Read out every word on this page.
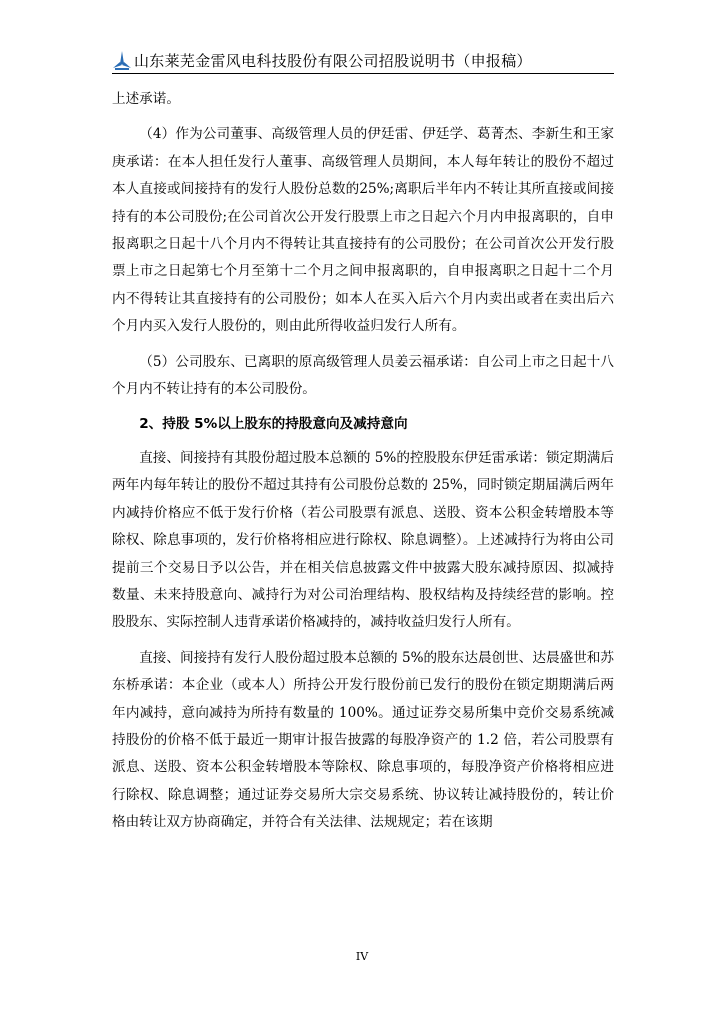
山东莱芜金雷风电科技股份有限公司招股说明书（申报稿）

上述承诺。

（4）作为公司董事、高级管理人员的伊廷雷、伊廷学、葛菁杰、李新生和王家庚承诺：在本人担任发行人董事、高级管理人员期间，本人每年转让的股份不超过本人直接或间接持有的发行人股份总数的25%;离职后半年内不转让其所直接或间接持有的本公司股份;在公司首次公开发行股票上市之日起六个月内申报离职的，自申报离职之日起十八个月内不得转让其直接持有的公司股份；在公司首次公开发行股票上市之日起第七个月至第十二个月之间申报离职的，自申报离职之日起十二个月内不得转让其直接持有的公司股份；如本人在买入后六个月内卖出或者在卖出后六个月内买入发行人股份的，则由此所得收益归发行人所有。

（5）公司股东、已离职的原高级管理人员姜云福承诺：自公司上市之日起十八个月内不转让持有的本公司股份。

2、持股 5%以上股东的持股意向及减持意向

直接、间接持有其股份超过股本总额的 5%的控股股东伊廷雷承诺：锁定期满后两年内每年转让的股份不超过其持有公司股份总数的 25%，同时锁定期届满后两年内减持价格应不低于发行价格（若公司股票有派息、送股、资本公积金转增股本等除权、除息事项的，发行价格将相应进行除权、除息调整）。上述减持行为将由公司提前三个交易日予以公告，并在相关信息披露文件中披露大股东减持原因、拟减持数量、未来持股意向、减持行为对公司治理结构、股权结构及持续经营的影响。控股股东、实际控制人违背承诺价格减持的，减持收益归发行人所有。

直接、间接持有发行人股份超过股本总额的 5%的股东达晨创世、达晨盛世和苏东桥承诺：本企业（或本人）所持公开发行股份前已发行的股份在锁定期期满后两年内减持，意向减持为所持有数量的 100%。通过证券交易所集中竞价交易系统减持股份的价格不低于最近一期审计报告披露的每股净资产的 1.2 倍，若公司股票有派息、送股、资本公积金转增股本等除权、除息事项的，每股净资产价格将相应进行除权、除息调整；通过证券交易所大宗交易系统、协议转让减持股份的，转让价格由转让双方协商确定，并符合有关法律、法规规定；若在该期

IV
